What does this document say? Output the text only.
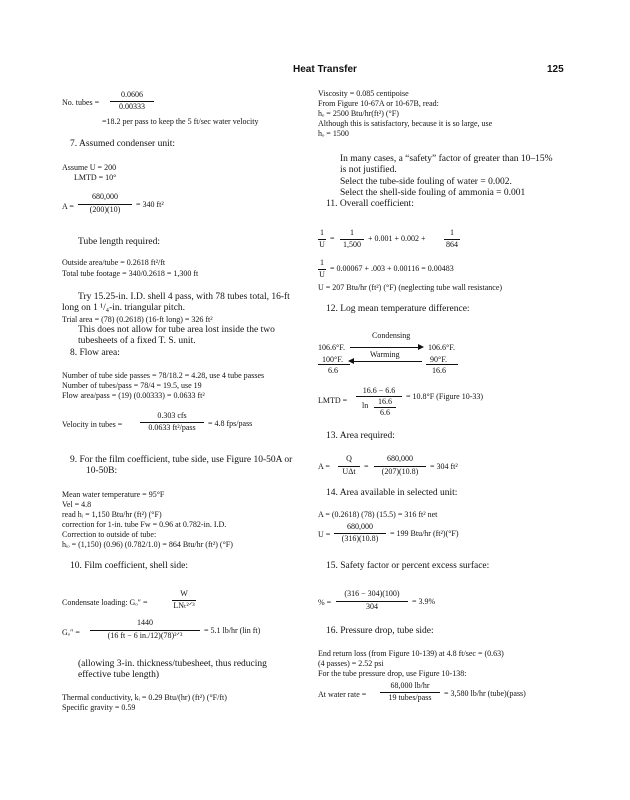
Heat Transfer	125
No. tubes =
0.0606
0.00333
=18.2 per pass to keep the 5 ft/sec water velocity
7. Assumed condenser unit:
Assume U = 200
LMTD = 10°
A =
680,000
(200)(10)
= 340 ft²
Tube length required:
Outside area/tube = 0.2618 ft²/ft
Total tube footage = 340/0.2618 = 1,300 ft
Try 15.25-in. I.D. shell 4 pass, with 78 tubes total, 16-ft
long on 1 ¹/₄-in. triangular pitch.
Trial area = (78) (0.2618) (16-ft long) = 326 ft²
This does not allow for tube area lost inside the two
tubesheets of a fixed T. S. unit.
8. Flow area:
Number of tube side passes = 78/18.2 = 4.28, use 4 tube passes
Number of tubes/pass = 78/4 = 19.5, use 19
Flow area/pass = (19) (0.00333) = 0.0633 ft²
Velocity in tubes =
0.303 cfs
0.0633 ft²/pass	= 4.8 fps/pass
9. For the film coefficient, tube side, use Figure 10-50A or
10-50B:
Mean water temperature = 95°F
Vel = 4.8
read hᵢ = 1,150 Btu/hr (ft²) (°F)
correction for 1-in. tube Fw = 0.96 at 0.782-in. I.D.
Correction to outside of tube:
hᵢₒ = (1,150) (0.96) (0.782/1.0) = 864 Btu/hr (ft²) (°F)
10. Film coefficient, shell side:
Condensate loading: Gₒ″ =
W
LNₜ²ᐟ³
Gₒ″ =
1440
(16 ft − 6 in./12)(78)²ᐟ³
= 5.1 lb/hr (lin ft)
(allowing 3-in. thickness/tubesheet, thus reducing
effective tube length)
Thermal conductivity, kᵢ = 0.29 Btu/(hr) (ft²) (°F/ft)
Specific gravity = 0.59
Viscosity = 0.085 centipoise
From Figure 10-67A or 10-67B, read:
hₒ = 2500 Btu/hr(ft²) (°F)
Although this is satisfactory, because it is so large, use
hₒ = 1500
In many cases, a “safety” factor of greater than 10–15%
is not justified.
Select the tube-side fouling of water = 0.002.
Select the shell-side fouling of ammonia = 0.001
11. Overall coefficient:
1
U
=
1
1,500
+ 0.001 + 0.002 +
1
864
1
U
= 0.00067 + .003 + 0.00116 = 0.00483
U = 207 Btu/hr (ft²) (°F) (neglecting tube wall resistance)
12. Log mean temperature difference:
Condensing
106.6°F.	106.6°F.
Warming
100°F.	90°F.
6.6	16.6
LMTD =
16.6 − 6.6
ln	16.6
6.6
= 10.8°F (Figure 10-33)
13. Area required:
A =
Q
UΔt
=
680,000
(207)(10.8)
= 304 ft²
14. Area available in selected unit:
A = (0.2618) (78) (15.5) = 316 ft² net
U =
680,000
(316)(10.8)
= 199 Btu/hr (ft²)(°F)
15. Safety factor or percent excess surface:
% =
(316 − 304)(100)
304
= 3.9%
16. Pressure drop, tube side:
End return loss (from Figure 10-139) at 4.8 ft/sec = (0.63)
(4 passes) = 2.52 psi
For the tube pressure drop, use Figure 10-138:
At water rate =
68,000 lb/hr
19 tubes/pass	= 3,580 lb/hr (tube)(pass)
